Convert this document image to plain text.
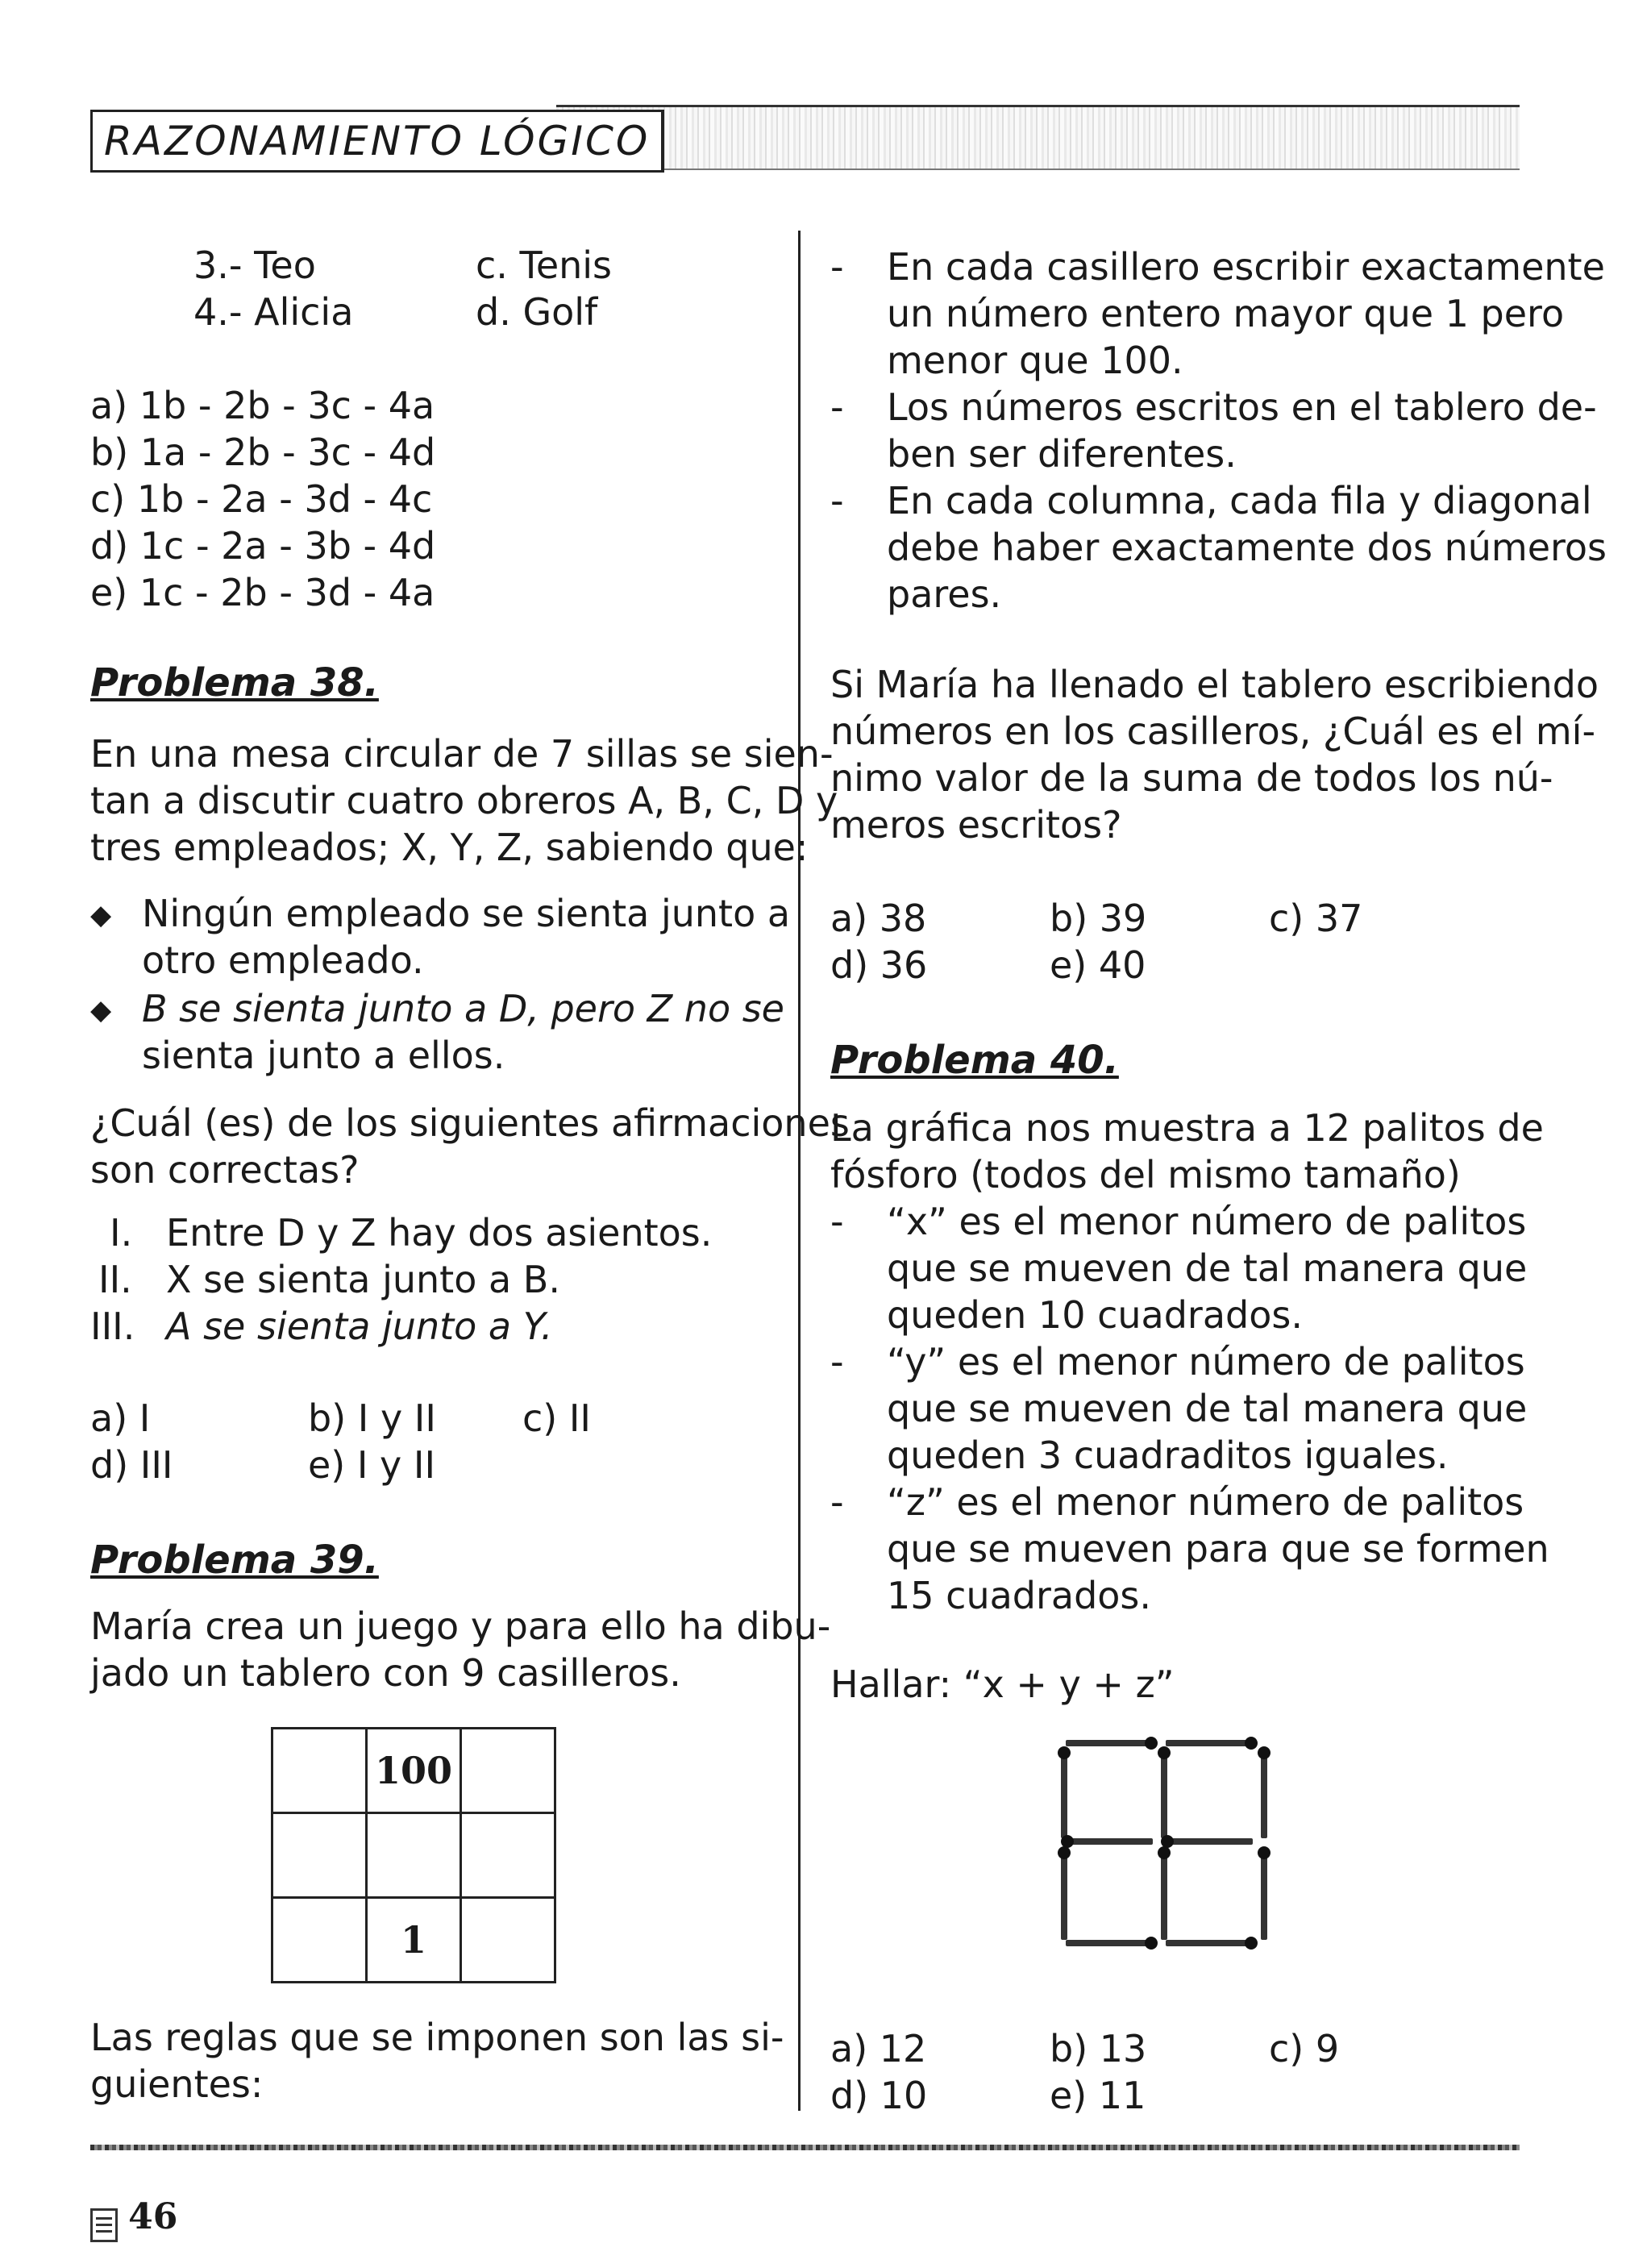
RAZONAMIENTO LÓGICO
3.- Teo	c. Tenis
4.- Alicia	d. Golf
a) 1b - 2b - 3c - 4a
b) 1a - 2b - 3c - 4d
c) 1b - 2a - 3d - 4c
d) 1c - 2a - 3b - 4d
e) 1c - 2b - 3d - 4a
Problema 38.
En una mesa circular de 7 sillas se sien-
tan a discutir cuatro obreros A, B, C, D y
tres empleados; X, Y, Z, sabiendo que:
◆ Ningún empleado se sienta junto a
otro empleado.
◆ B se sienta junto a D, pero Z no se
sienta junto a ellos.
¿Cuál (es) de los siguientes afirmaciones
son correctas?
I. Entre D y Z hay dos asientos.
II. X se sienta junto a B.
III. A se sienta junto a Y.
a) I	b) I y II c) II
d) III	e) I y II
Problema 39.
María crea un juego y para ello ha dibu-
jado un tablero con 9 casilleros.
	100	

	1	
Las reglas que se imponen son las si-
guientes:
- En cada casillero escribir exactamente
un número entero mayor que 1 pero
menor que 100.
- Los números escritos en el tablero de-
ben ser diferentes.
- En cada columna, cada fila y diagonal
debe haber exactamente dos números
pares.
Si María ha llenado el tablero escribiendo
números en los casilleros, ¿Cuál es el mí-
nimo valor de la suma de todos los nú-
meros escritos?
a) 38	b) 39	c) 37
d) 36	e) 40
Problema 40.
La gráfica nos muestra a 12 palitos de
fósforo (todos del mismo tamaño)
- “x” es el menor número de palitos
que se mueven de tal manera que
queden 10 cuadrados.
- “y” es el menor número de palitos
que se mueven de tal manera que
queden 3 cuadraditos iguales.
- “z” es el menor número de palitos
que se mueven para que se formen
15 cuadrados.
Hallar: “x + y + z”
a) 12	b) 13	c) 9
d) 10	e) 11
46
